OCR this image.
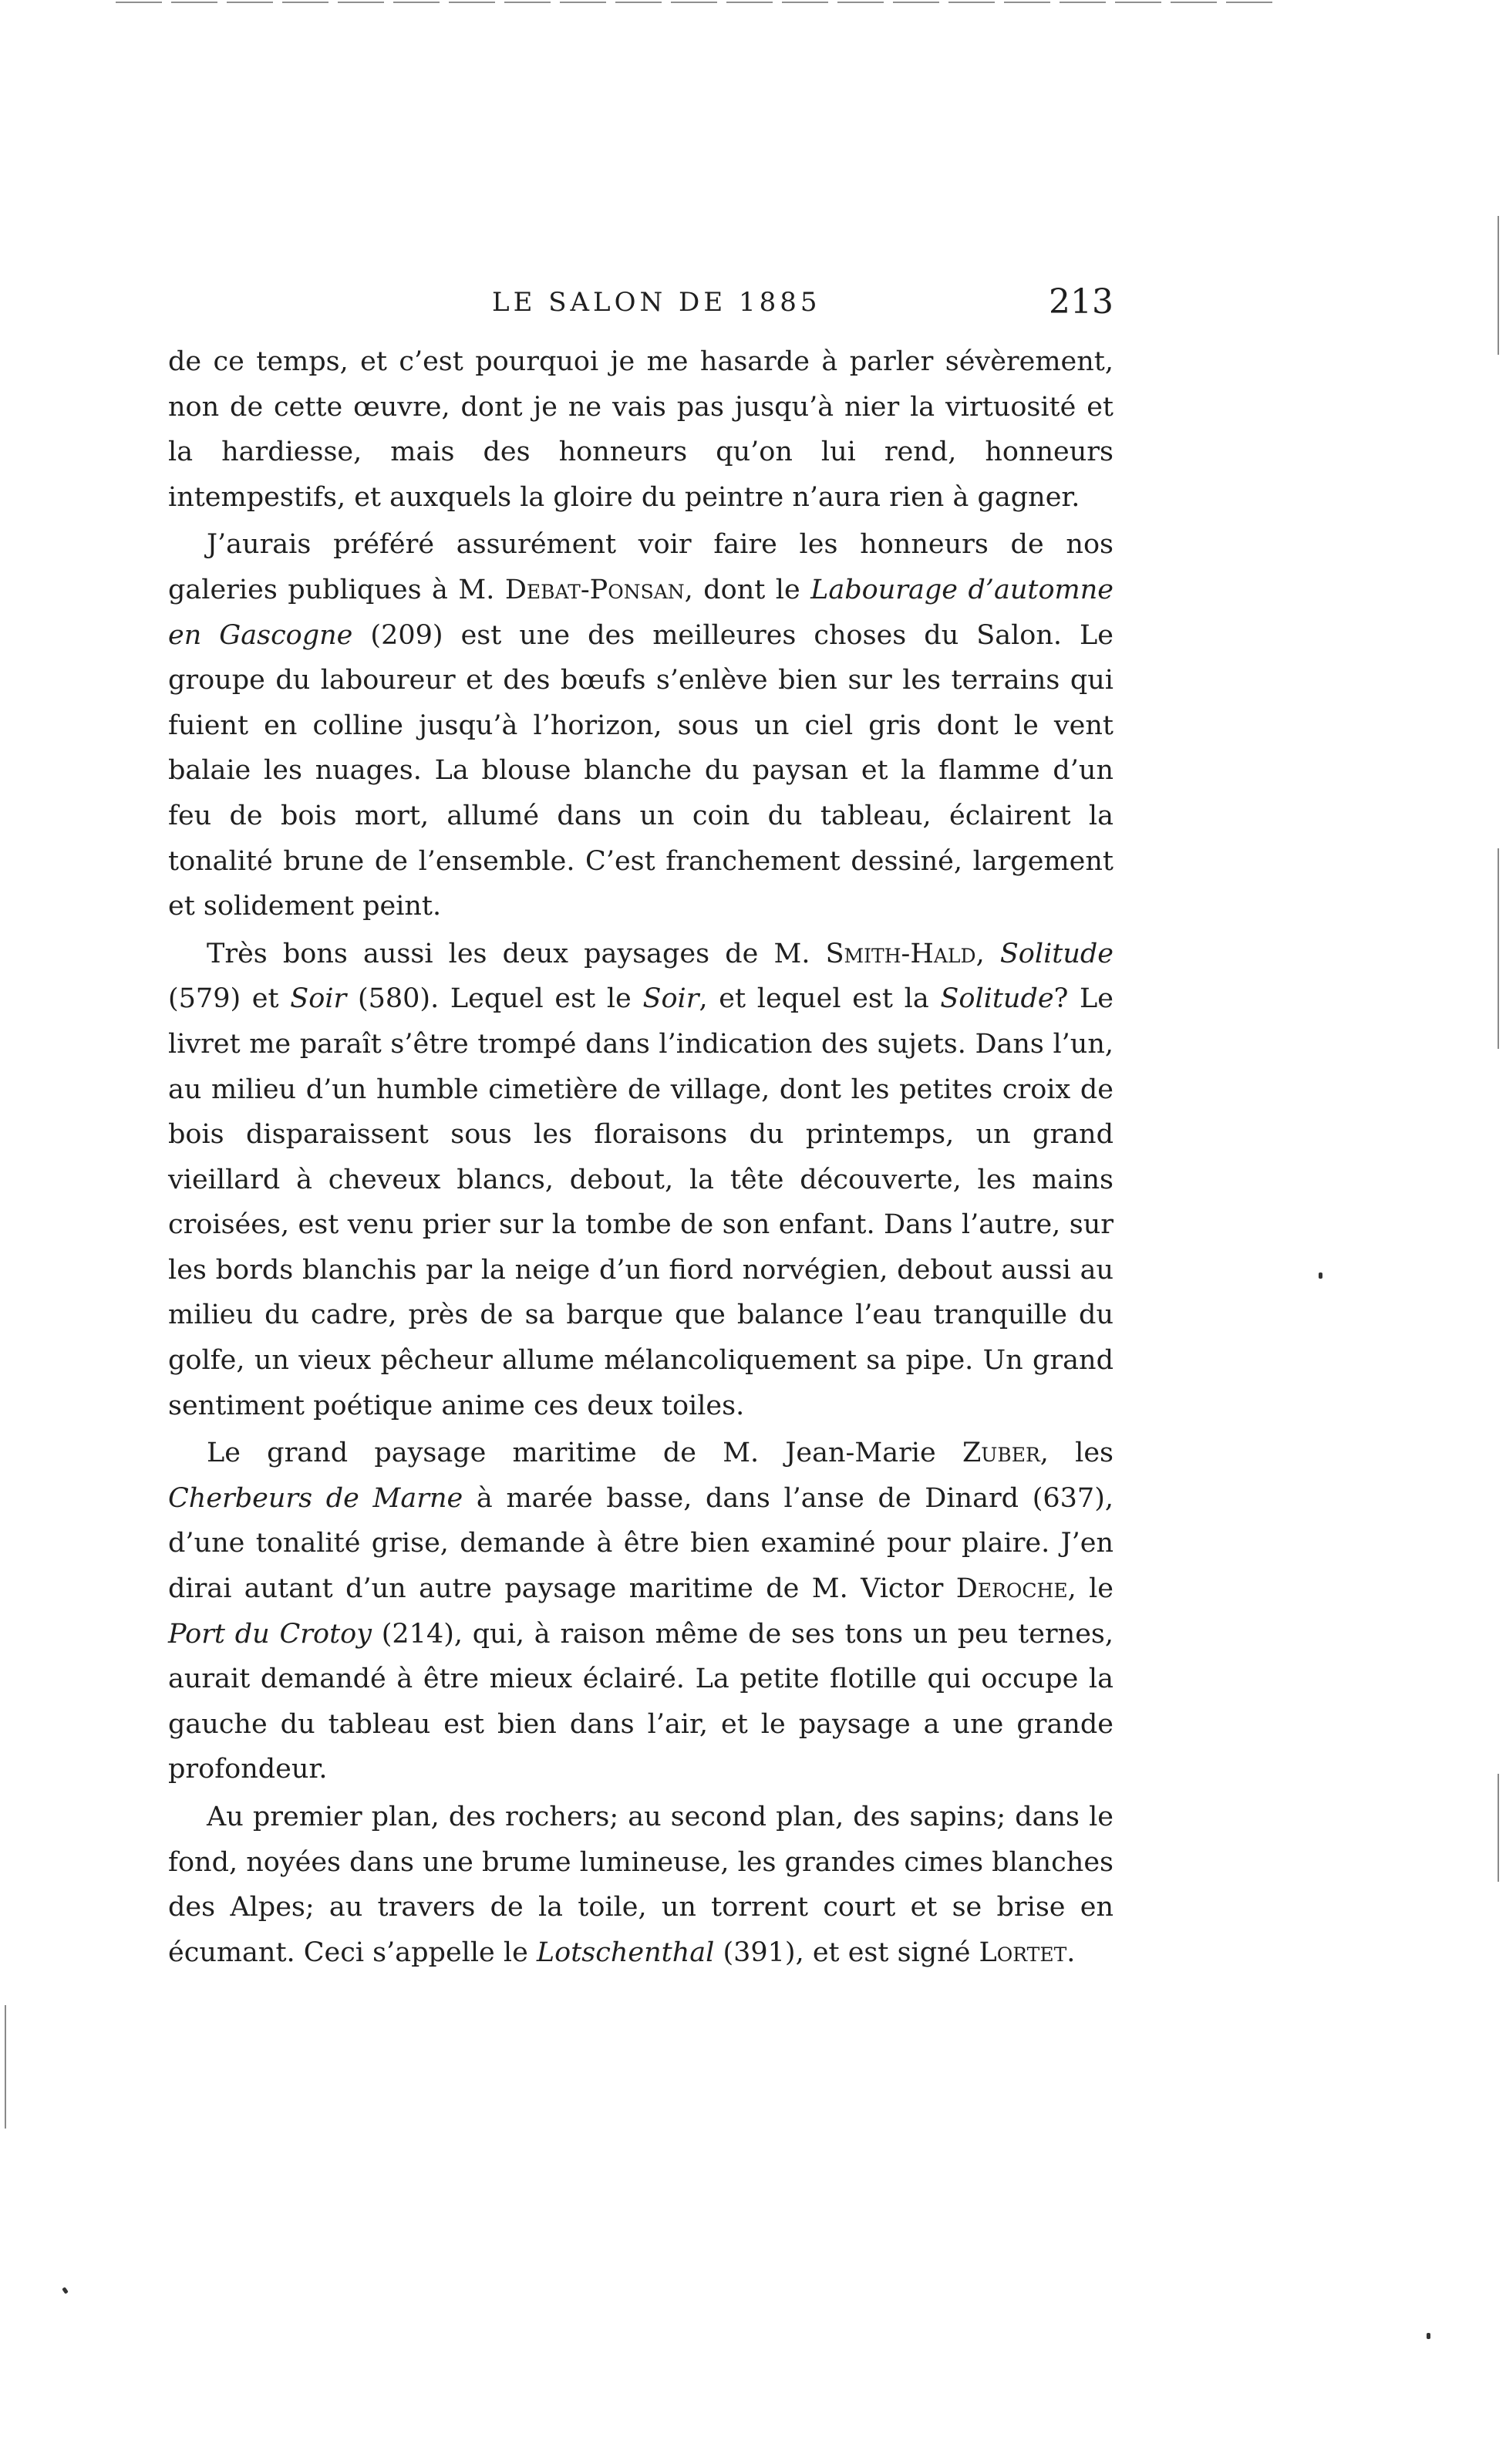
LE SALON DE 1885	213

de ce temps, et c’est pourquoi je me hasarde à parler sévèrement, non de cette œuvre, dont je ne vais pas jusqu’à nier la virtuosité et la hardiesse, mais des honneurs qu’on lui rend, honneurs intempestifs, et auxquels la gloire du peintre n’aura rien à gagner.

J’aurais préféré assurément voir faire les honneurs de nos galeries publiques à M. Debat-Ponsan, dont le Labourage d’automne en Gascogne (209) est une des meilleures choses du Salon. Le groupe du laboureur et des bœufs s’enlève bien sur les terrains qui fuient en colline jusqu’à l’horizon, sous un ciel gris dont le vent balaie les nuages. La blouse blanche du paysan et la flamme d’un feu de bois mort, allumé dans un coin du tableau, éclairent la tonalité brune de l’ensemble. C’est franchement dessiné, largement et solidement peint.

Très bons aussi les deux paysages de M. Smith-Hald, Solitude (579) et Soir (580). Lequel est le Soir, et lequel est la Solitude? Le livret me paraît s’être trompé dans l’indication des sujets. Dans l’un, au milieu d’un humble cimetière de village, dont les petites croix de bois disparaissent sous les floraisons du printemps, un grand vieillard à cheveux blancs, debout, la tête découverte, les mains croisées, est venu prier sur la tombe de son enfant. Dans l’autre, sur les bords blanchis par la neige d’un fiord norvégien, debout aussi au milieu du cadre, près de sa barque que balance l’eau tranquille du golfe, un vieux pêcheur allume mélancoliquement sa pipe. Un grand sentiment poétique anime ces deux toiles.

Le grand paysage maritime de M. Jean-Marie Zuber, les Cherbeurs de Marne à marée basse, dans l’anse de Dinard (637), d’une tonalité grise, demande à être bien examiné pour plaire. J’en dirai autant d’un autre paysage maritime de M. Victor Deroche, le Port du Crotoy (214), qui, à raison même de ses tons un peu ternes, aurait demandé à être mieux éclairé. La petite flotille qui occupe la gauche du tableau est bien dans l’air, et le paysage a une grande profondeur.

Au premier plan, des rochers; au second plan, des sapins; dans le fond, noyées dans une brume lumineuse, les grandes cimes blanches des Alpes; au travers de la toile, un torrent court et se brise en écumant. Ceci s’appelle le Lotschenthal (391), et est signé Lortet.
